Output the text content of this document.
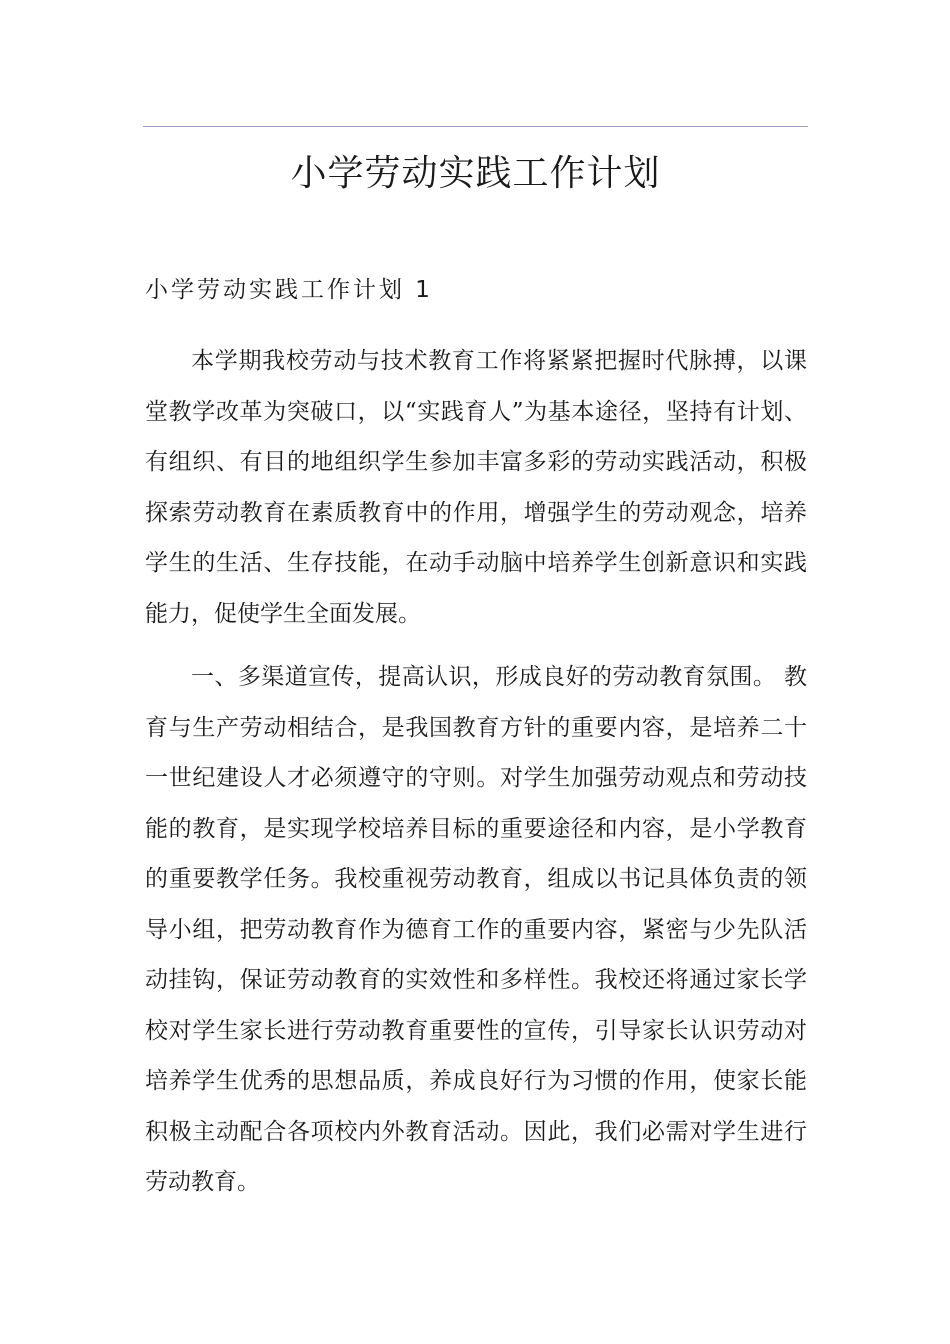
小学劳动实践工作计划
小学劳动实践工作计划 1

本学期我校劳动与技术教育工作将紧紧把握时代脉搏，以课堂教学改革为突破口，以“实践育人”为基本途径，坚持有计划、有组织、有目的地组织学生参加丰富多彩的劳动实践活动，积极探索劳动教育在素质教育中的作用，增强学生的劳动观念，培养学生的生活、生存技能，在动手动脑中培养学生创新意识和实践能力，促使学生全面发展。

一、多渠道宣传，提高认识，形成良好的劳动教育氛围。 教育与生产劳动相结合，是我国教育方针的重要内容，是培养二十一世纪建设人才必须遵守的守则。对学生加强劳动观点和劳动技能的教育，是实现学校培养目标的重要途径和内容，是小学教育的重要教学任务。我校重视劳动教育，组成以书记具体负责的领导小组，把劳动教育作为德育工作的重要内容，紧密与少先队活动挂钩，保证劳动教育的实效性和多样性。我校还将通过家长学校对学生家长进行劳动教育重要性的宣传，引导家长认识劳动对培养学生优秀的思想品质，养成良好行为习惯的作用，使家长能积极主动配合各项校内外教育活动。因此，我们必需对学生进行劳动教育。
